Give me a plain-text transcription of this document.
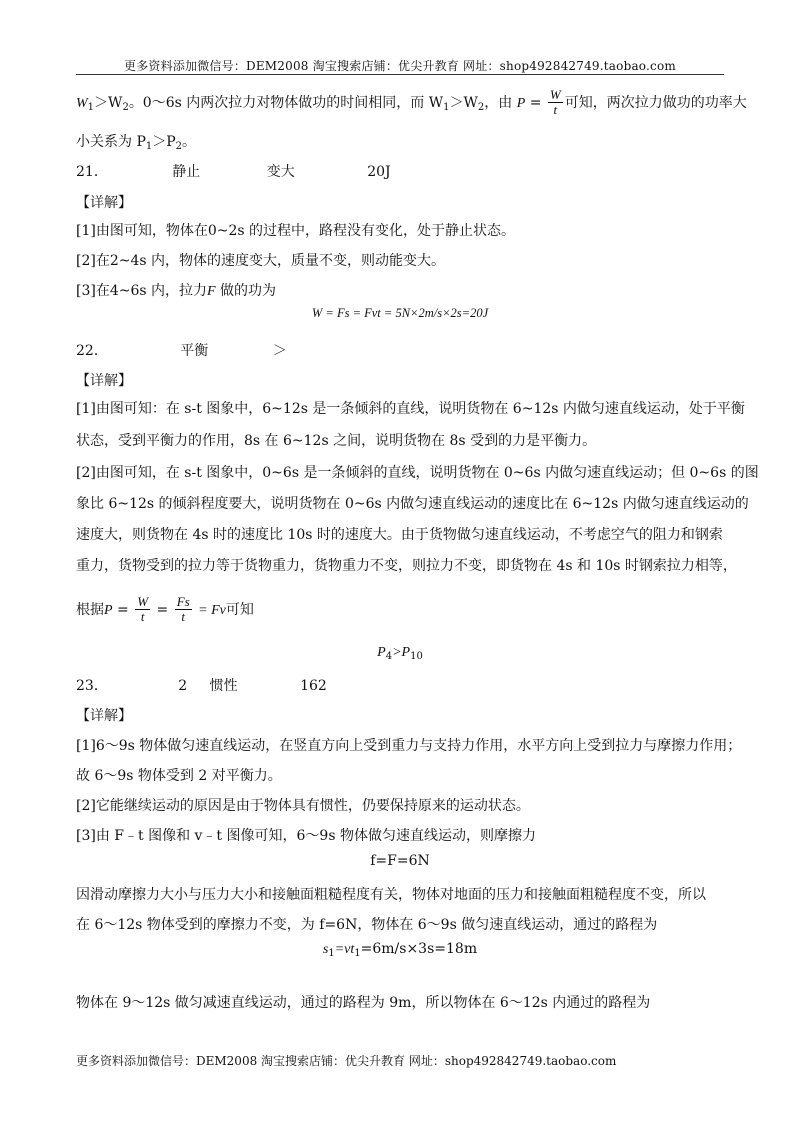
更多资料添加微信号：DEM2008 淘宝搜索店铺：优尖升教育 网址：shop492842749.taobao.com
$W_1>W_2$。0～6s 内两次拉力对物体做功的时间相同，而 $W_1>W_2$，由 $P = \frac{W}{t}$ 可知，两次拉力做功的功率大
小关系为 $P_1>P_2$。
21．	静止	变大	20J
【详解】
[1]由图可知，物体在0~2s 的过程中，路程没有变化，处于静止状态。
[2]在2~4s 内，物体的速度变大，质量不变，则动能变大。
[3]在4~6s 内，拉力F 做的功为
W = Fs = Fvt = 5N×2m/s×2s=20J
22．	平衡	＞
【详解】
[1]由图可知：在 s-t 图象中，6~12s 是一条倾斜的直线，说明货物在 6~12s 内做匀速直线运动，处于平衡
状态，受到平衡力的作用，8s 在 6~12s 之间，说明货物在 8s 受到的力是平衡力。
[2]由图可知，在 s-t 图象中，0~6s 是一条倾斜的直线，说明货物在 0~6s 内做匀速直线运动；但 0~6s 的图
象比 6~12s 的倾斜程度要大，说明货物在 0~6s 内做匀速直线运动的速度比在 6~12s 内做匀速直线运动的
速度大，则货物在 4s 时的速度比 10s 时的速度大。由于货物做匀速直线运动，不考虑空气的阻力和钢索
重力，货物受到的拉力等于货物重力，货物重力不变，则拉力不变，即货物在 4s 和 10s 时钢索拉力相等，
根据$P = \frac{W}{t} = \frac{Fs}{t} = Fv$可知
$P_4>P_{10}$
23．	2 惯性	162
【详解】
[1]6～9s 物体做匀速直线运动，在竖直方向上受到重力与支持力作用，水平方向上受到拉力与摩擦力作用；
故 6～9s 物体受到 2 对平衡力。
[2]它能继续运动的原因是由于物体具有惯性，仍要保持原来的运动状态。
[3]由 F﹣t 图像和 v﹣t 图像可知，6～9s 物体做匀速直线运动，则摩擦力
f=F=6N
因滑动摩擦力大小与压力大小和接触面粗糙程度有关，物体对地面的压力和接触面粗糙程度不变，所以
在 6～12s 物体受到的摩擦力不变，为 f=6N，物体在 6～9s 做匀速直线运动，通过的路程为
$s_1=vt_1=6m/s\times 3s=18m$
物体在 9～12s 做匀减速直线运动，通过的路程为 9m，所以物体在 6～12s 内通过的路程为
更多资料添加微信号：DEM2008 淘宝搜索店铺：优尖升教育 网址：shop492842749.taobao.com
